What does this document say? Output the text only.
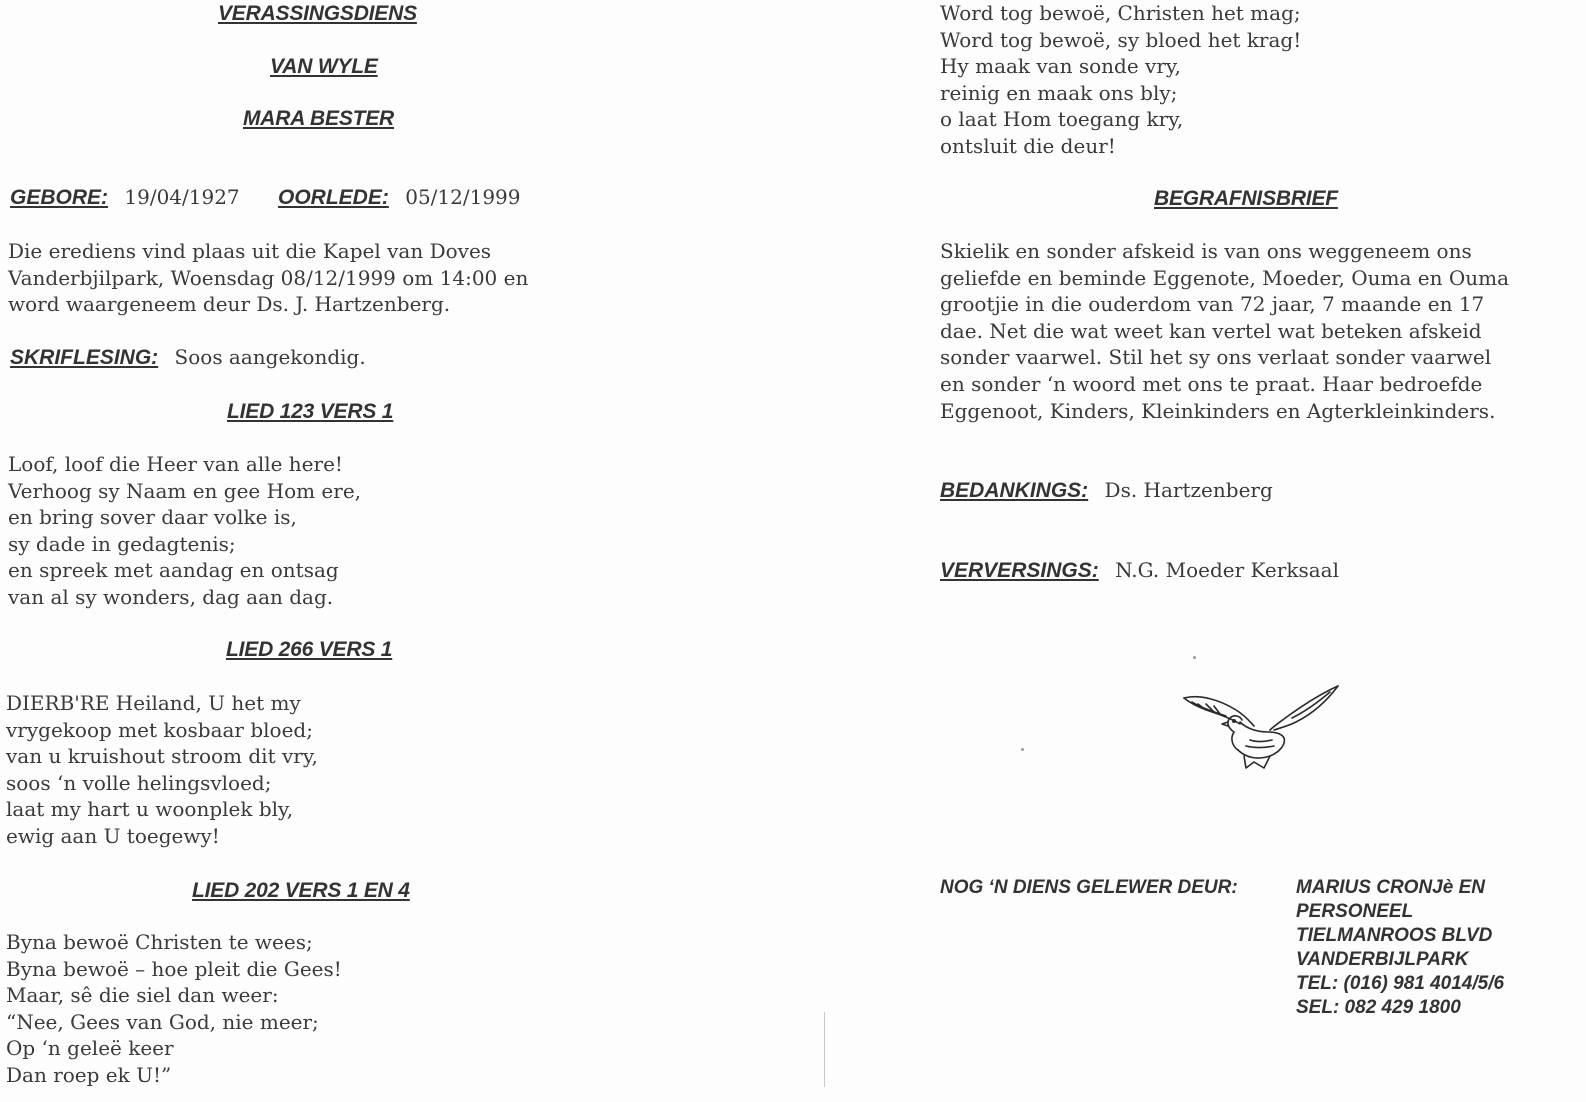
VERASSINGSDIENS
VAN WYLE
MARA BESTER
GEBORE: 19/04/1927 OORLEDE: 05/12/1999
Die erediens vind plaas uit die Kapel van Doves
Vanderbjilpark, Woensdag 08/12/1999 om 14:00 en
word waargeneem deur Ds. J. Hartzenberg.
SKRIFLESING: Soos aangekondig.
LIED 123 VERS 1
Loof, loof die Heer van alle here!
Verhoog sy Naam en gee Hom ere,
en bring sover daar volke is,
sy dade in gedagtenis;
en spreek met aandag en ontsag
van al sy wonders, dag aan dag.
LIED 266 VERS 1
DIERB'RE Heiland, U het my
vrygekoop met kosbaar bloed;
van u kruishout stroom dit vry,
soos ‘n volle helingsvloed;
laat my hart u woonplek bly,
ewig aan U toegewy!
LIED 202 VERS 1 EN 4
Byna bewoë Christen te wees;
Byna bewoë – hoe pleit die Gees!
Maar, sê die siel dan weer:
“Nee, Gees van God, nie meer;
Op ‘n geleë keer
Dan roep ek U!”
Word tog bewoë, Christen het mag;
Word tog bewoë, sy bloed het krag!
Hy maak van sonde vry,
reinig en maak ons bly;
o laat Hom toegang kry,
ontsluit die deur!
BEGRAFNISBRIEF
Skielik en sonder afskeid is van ons weggeneem ons
geliefde en beminde Eggenote, Moeder, Ouma en Ouma
grootjie in die ouderdom van 72 jaar, 7 maande en 17
dae. Net die wat weet kan vertel wat beteken afskeid
sonder vaarwel. Stil het sy ons verlaat sonder vaarwel
en sonder ‘n woord met ons te praat. Haar bedroefde
Eggenoot, Kinders, Kleinkinders en Agterkleinkinders.
BEDANKINGS: Ds. Hartzenberg
VERVERSINGS: N.G. Moeder Kerksaal
NOG ‘N DIENS GELEWER DEUR:	MARIUS CRONJè EN
PERSONEEL
TIELMANROOS BLVD
VANDERBIJLPARK
TEL: (016) 981 4014/5/6
SEL: 082 429 1800
